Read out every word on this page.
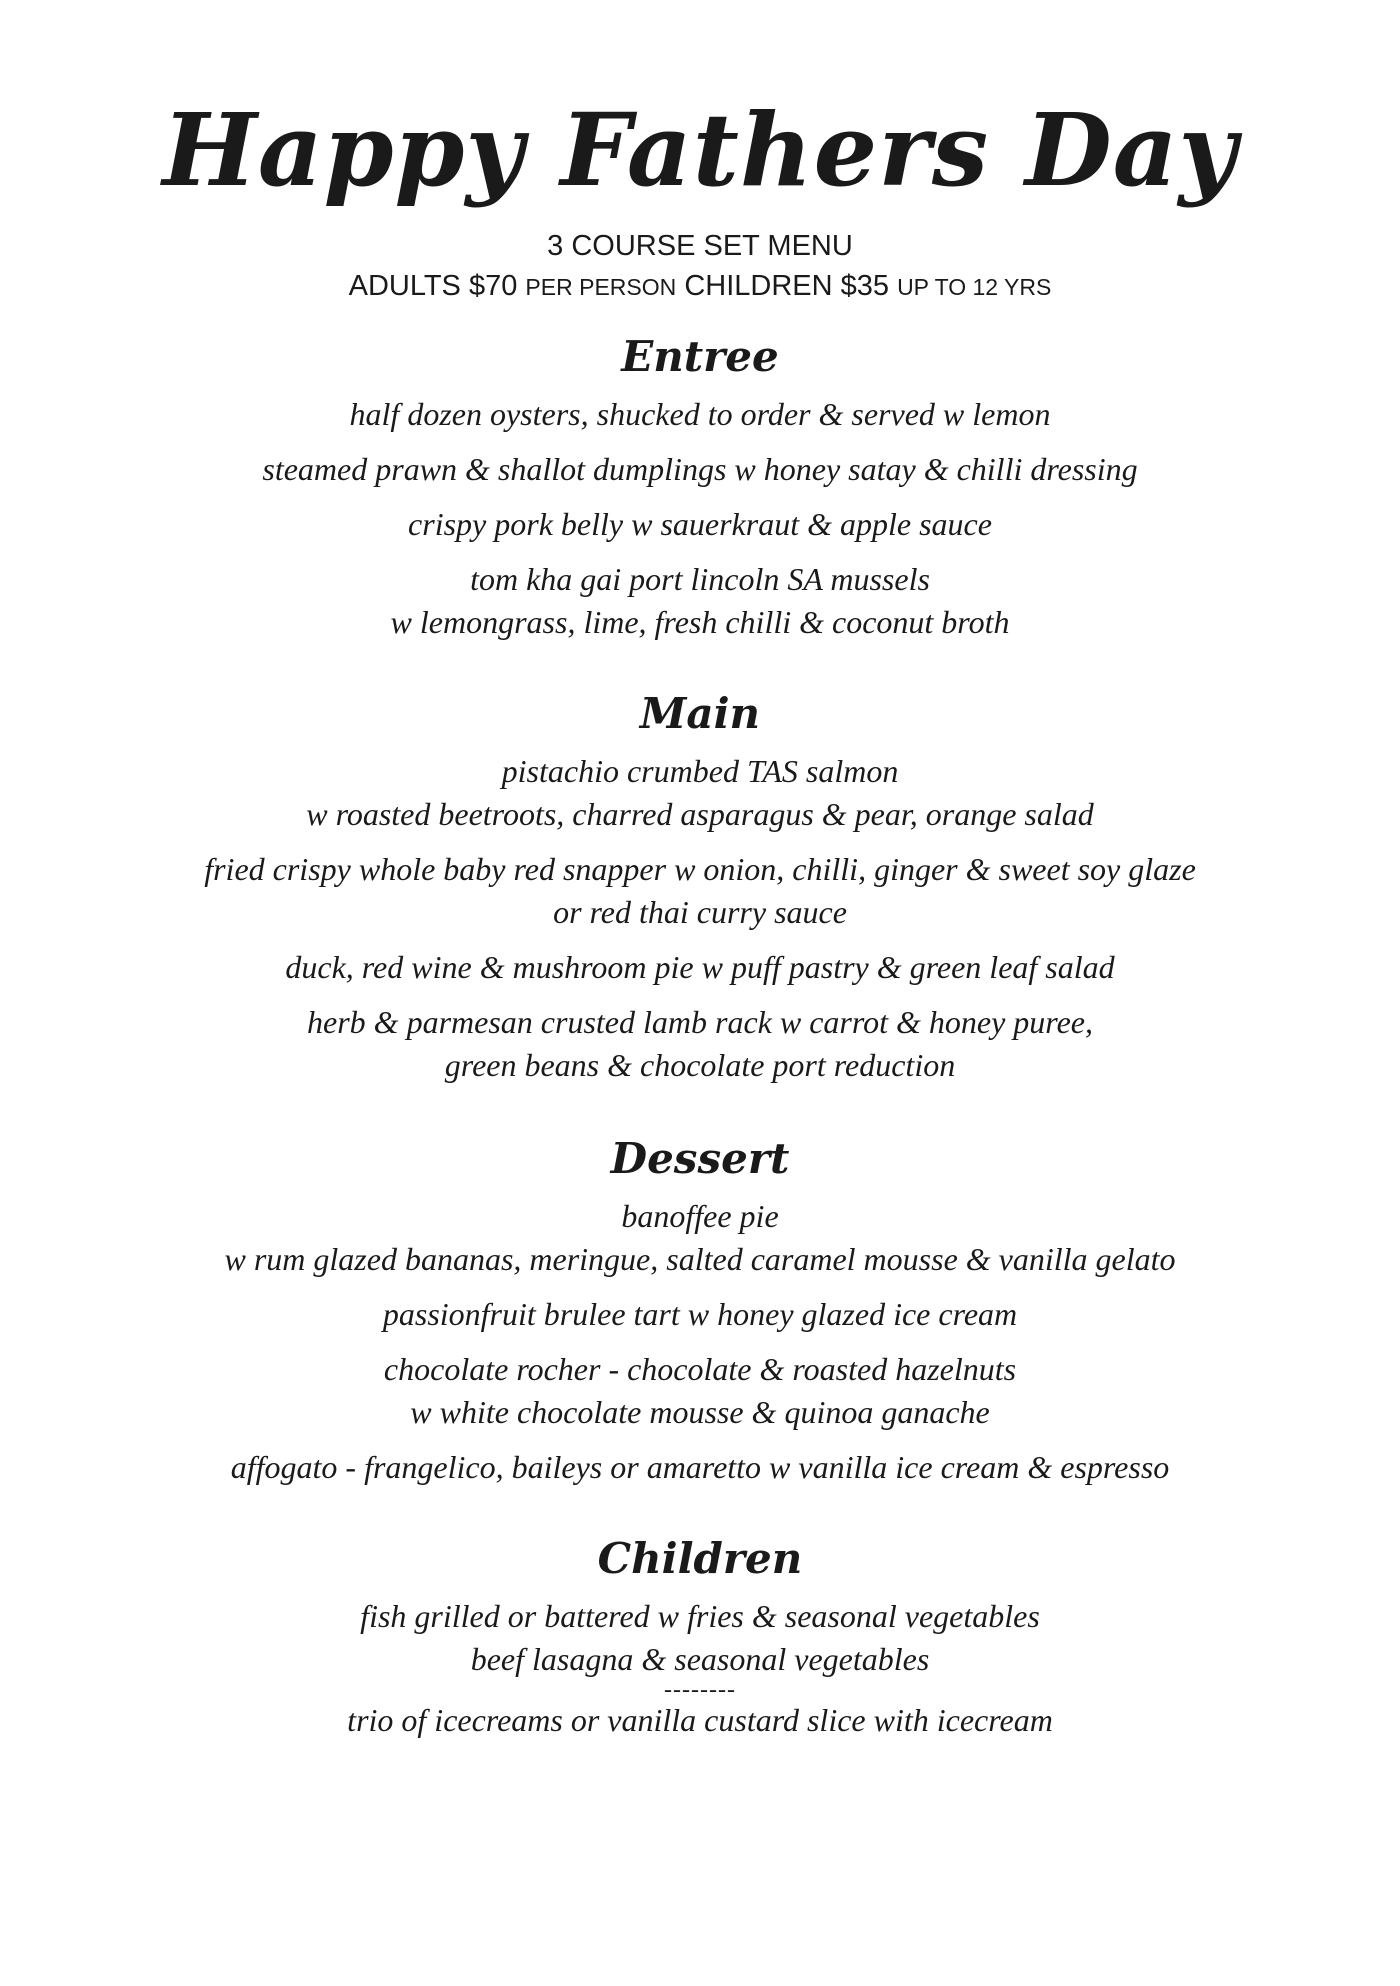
Happy Fathers Day

3 COURSE SET MENU

ADULTS $70 PER PERSON CHILDREN $35 UP TO 12 YRS

Entree

half dozen oysters, shucked to order & served w lemon

steamed prawn & shallot dumplings w honey satay & chilli dressing

crispy pork belly w sauerkraut & apple sauce

tom kha gai port lincoln SA mussels
w lemongrass, lime, fresh chilli & coconut broth

Main

pistachio crumbed TAS salmon
w roasted beetroots, charred asparagus & pear, orange salad

fried crispy whole baby red snapper w onion, chilli, ginger & sweet soy glaze
or red thai curry sauce

duck, red wine & mushroom pie w puff pastry & green leaf salad

herb & parmesan crusted lamb rack w carrot & honey puree,
green beans & chocolate port reduction

Dessert

banoffee pie
w rum glazed bananas, meringue, salted caramel mousse & vanilla gelato

passionfruit brulee tart w honey glazed ice cream

chocolate rocher - chocolate & roasted hazelnuts
w white chocolate mousse & quinoa ganache

affogato - frangelico, baileys or amaretto w vanilla ice cream & espresso

Children

fish grilled or battered w fries & seasonal vegetables
beef lasagna & seasonal vegetables

--------

trio of icecreams or vanilla custard slice with icecream
